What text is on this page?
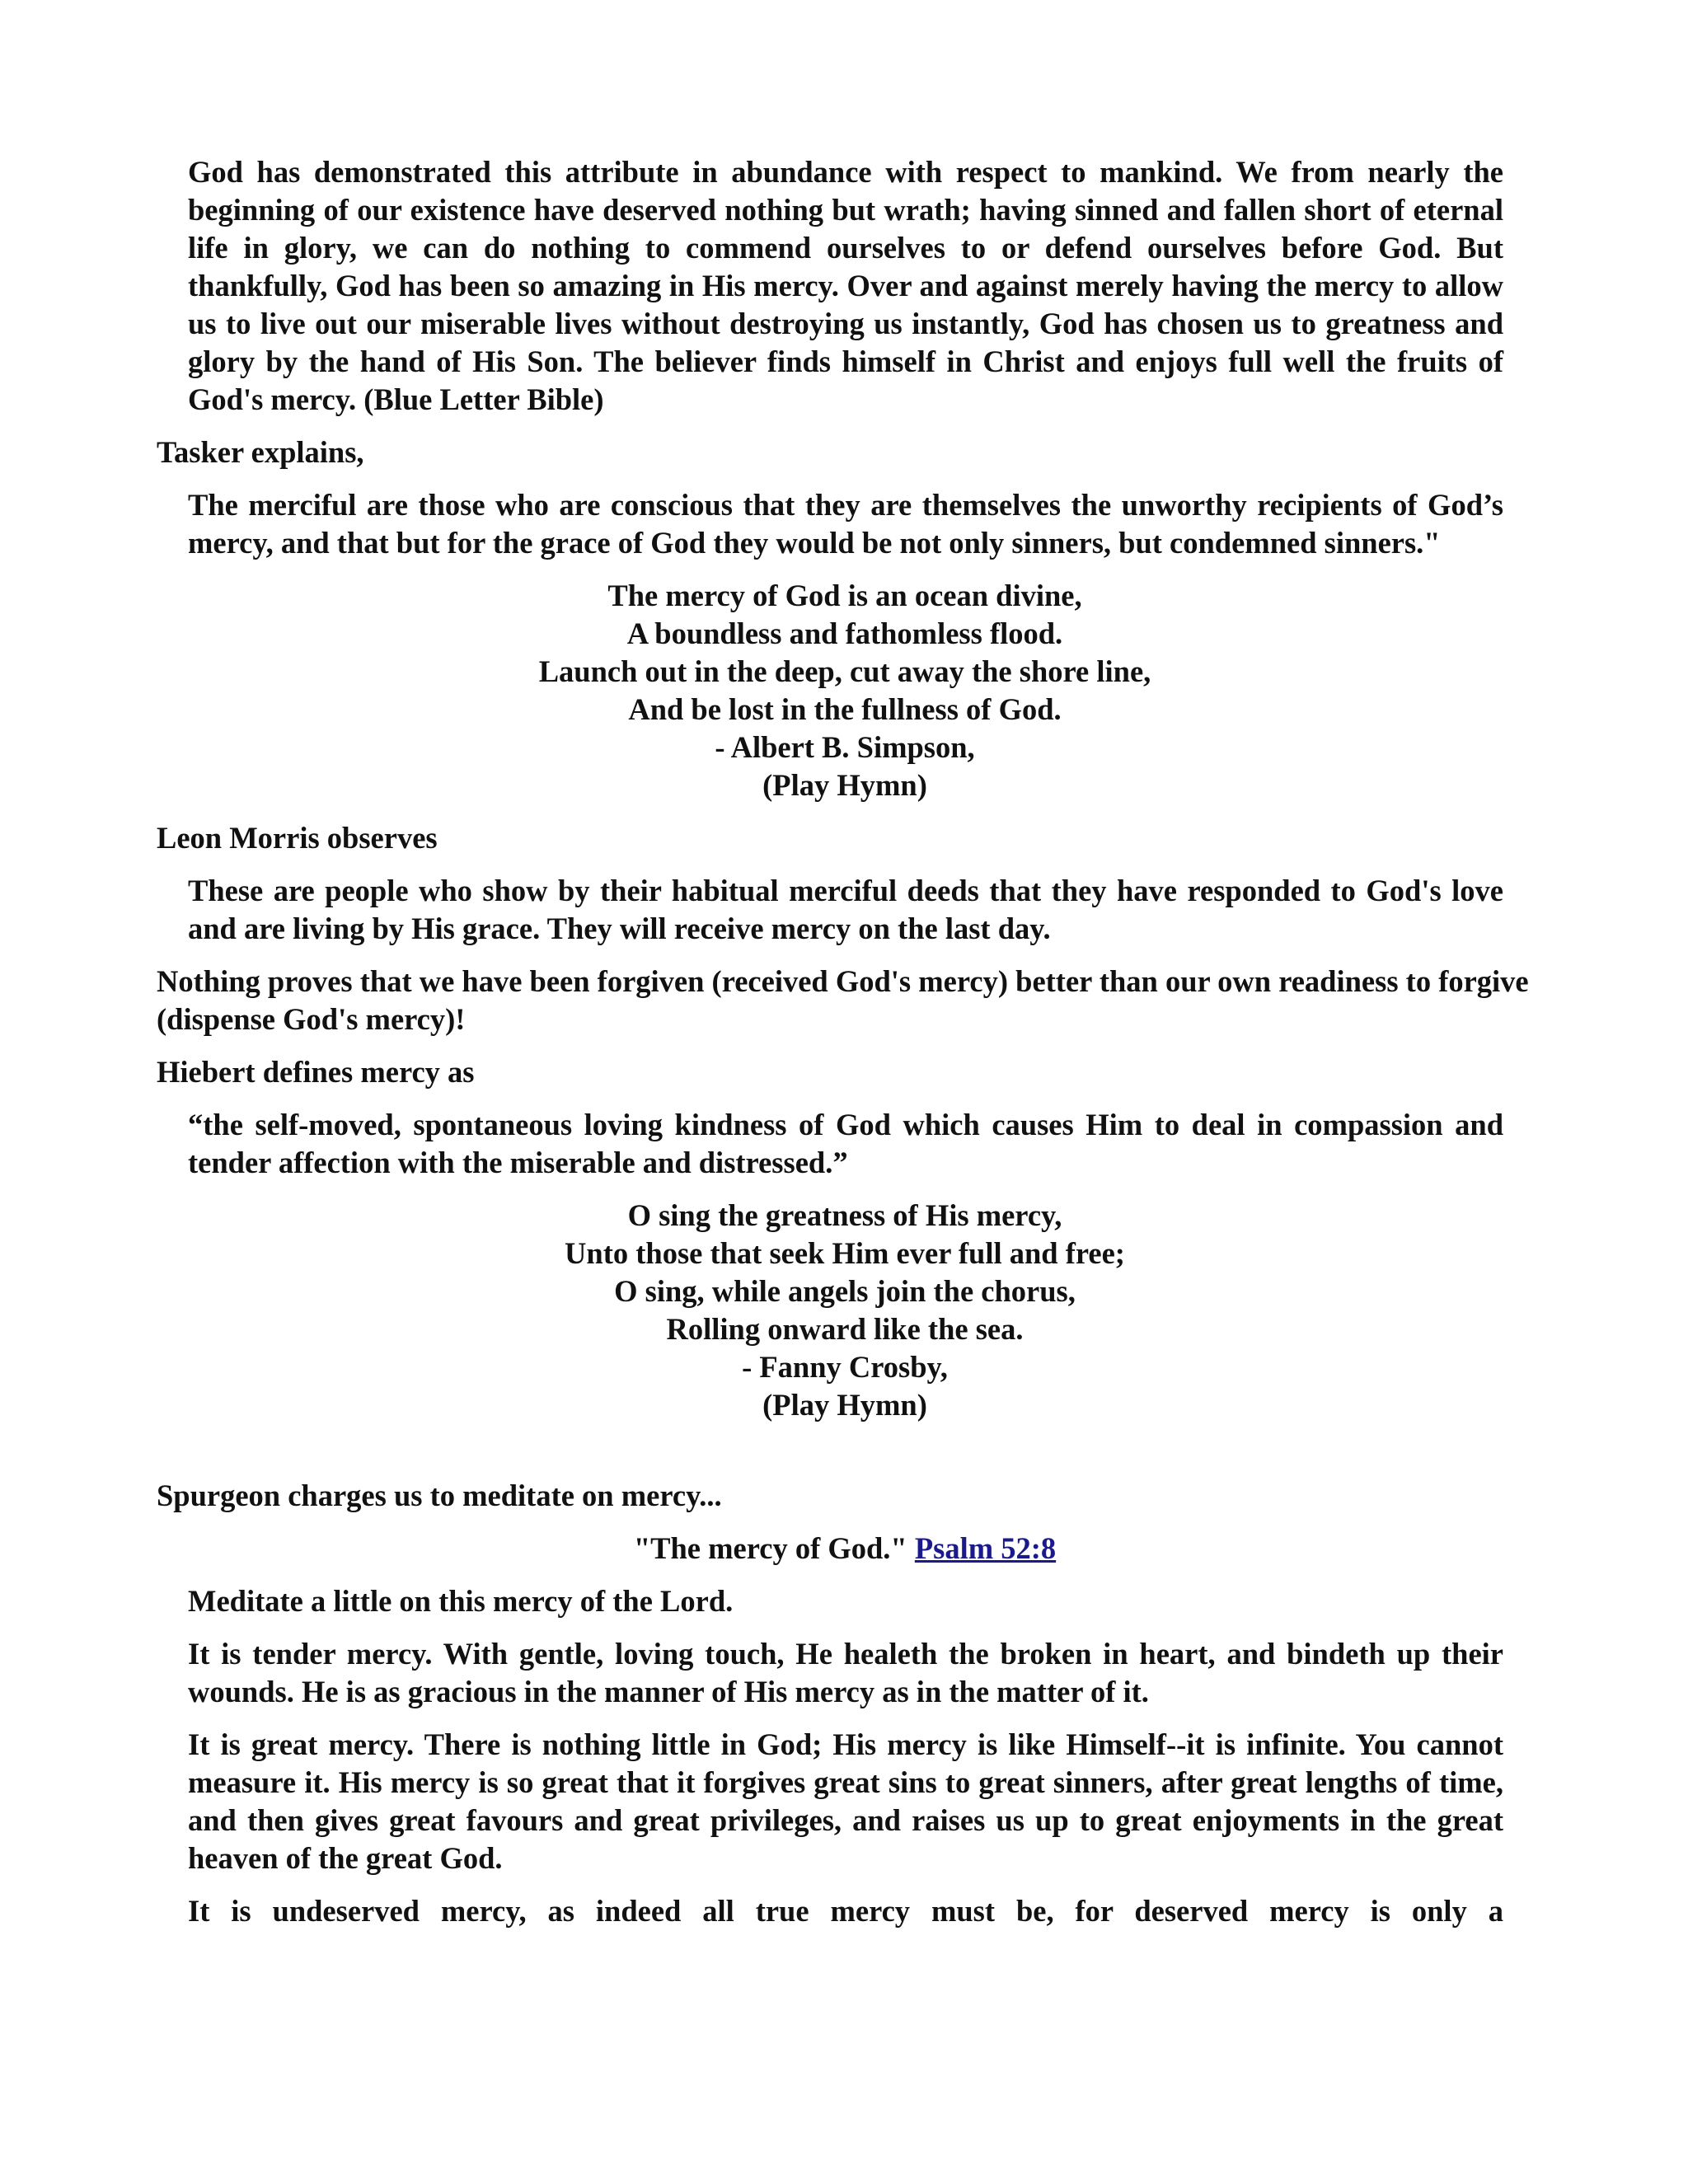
God has demonstrated this attribute in abundance with respect to mankind. We from nearly the beginning of our existence have deserved nothing but wrath; having sinned and fallen short of eternal life in glory, we can do nothing to commend ourselves to or defend ourselves before God. But thankfully, God has been so amazing in His mercy. Over and against merely having the mercy to allow us to live out our miserable lives without destroying us instantly, God has chosen us to greatness and glory by the hand of His Son. The believer finds himself in Christ and enjoys full well the fruits of God's mercy. (Blue Letter Bible)
Tasker explains,
The merciful are those who are conscious that they are themselves the unworthy recipients of God’s mercy, and that but for the grace of God they would be not only sinners, but condemned sinners."
The mercy of God is an ocean divine,
A boundless and fathomless flood.
Launch out in the deep, cut away the shore line,
And be lost in the fullness of God.
- Albert B. Simpson,
(Play Hymn)
Leon Morris observes
These are people who show by their habitual merciful deeds that they have responded to God's love and are living by His grace. They will receive mercy on the last day.
Nothing proves that we have been forgiven (received God's mercy) better than our own readiness to forgive (dispense God's mercy)!
Hiebert defines mercy as
“the self-moved, spontaneous loving kindness of God which causes Him to deal in compassion and tender affection with the miserable and distressed.”
O sing the greatness of His mercy,
Unto those that seek Him ever full and free;
O sing, while angels join the chorus,
Rolling onward like the sea.
- Fanny Crosby,
(Play Hymn)
Spurgeon charges us to meditate on mercy...
"The mercy of God." Psalm 52:8
Meditate a little on this mercy of the Lord.
It is tender mercy. With gentle, loving touch, He healeth the broken in heart, and bindeth up their wounds. He is as gracious in the manner of His mercy as in the matter of it.
It is great mercy. There is nothing little in God; His mercy is like Himself--it is infinite. You cannot measure it. His mercy is so great that it forgives great sins to great sinners, after great lengths of time, and then gives great favours and great privileges, and raises us up to great enjoyments in the great heaven of the great God.
It is undeserved mercy, as indeed all true mercy must be, for deserved mercy is only a
